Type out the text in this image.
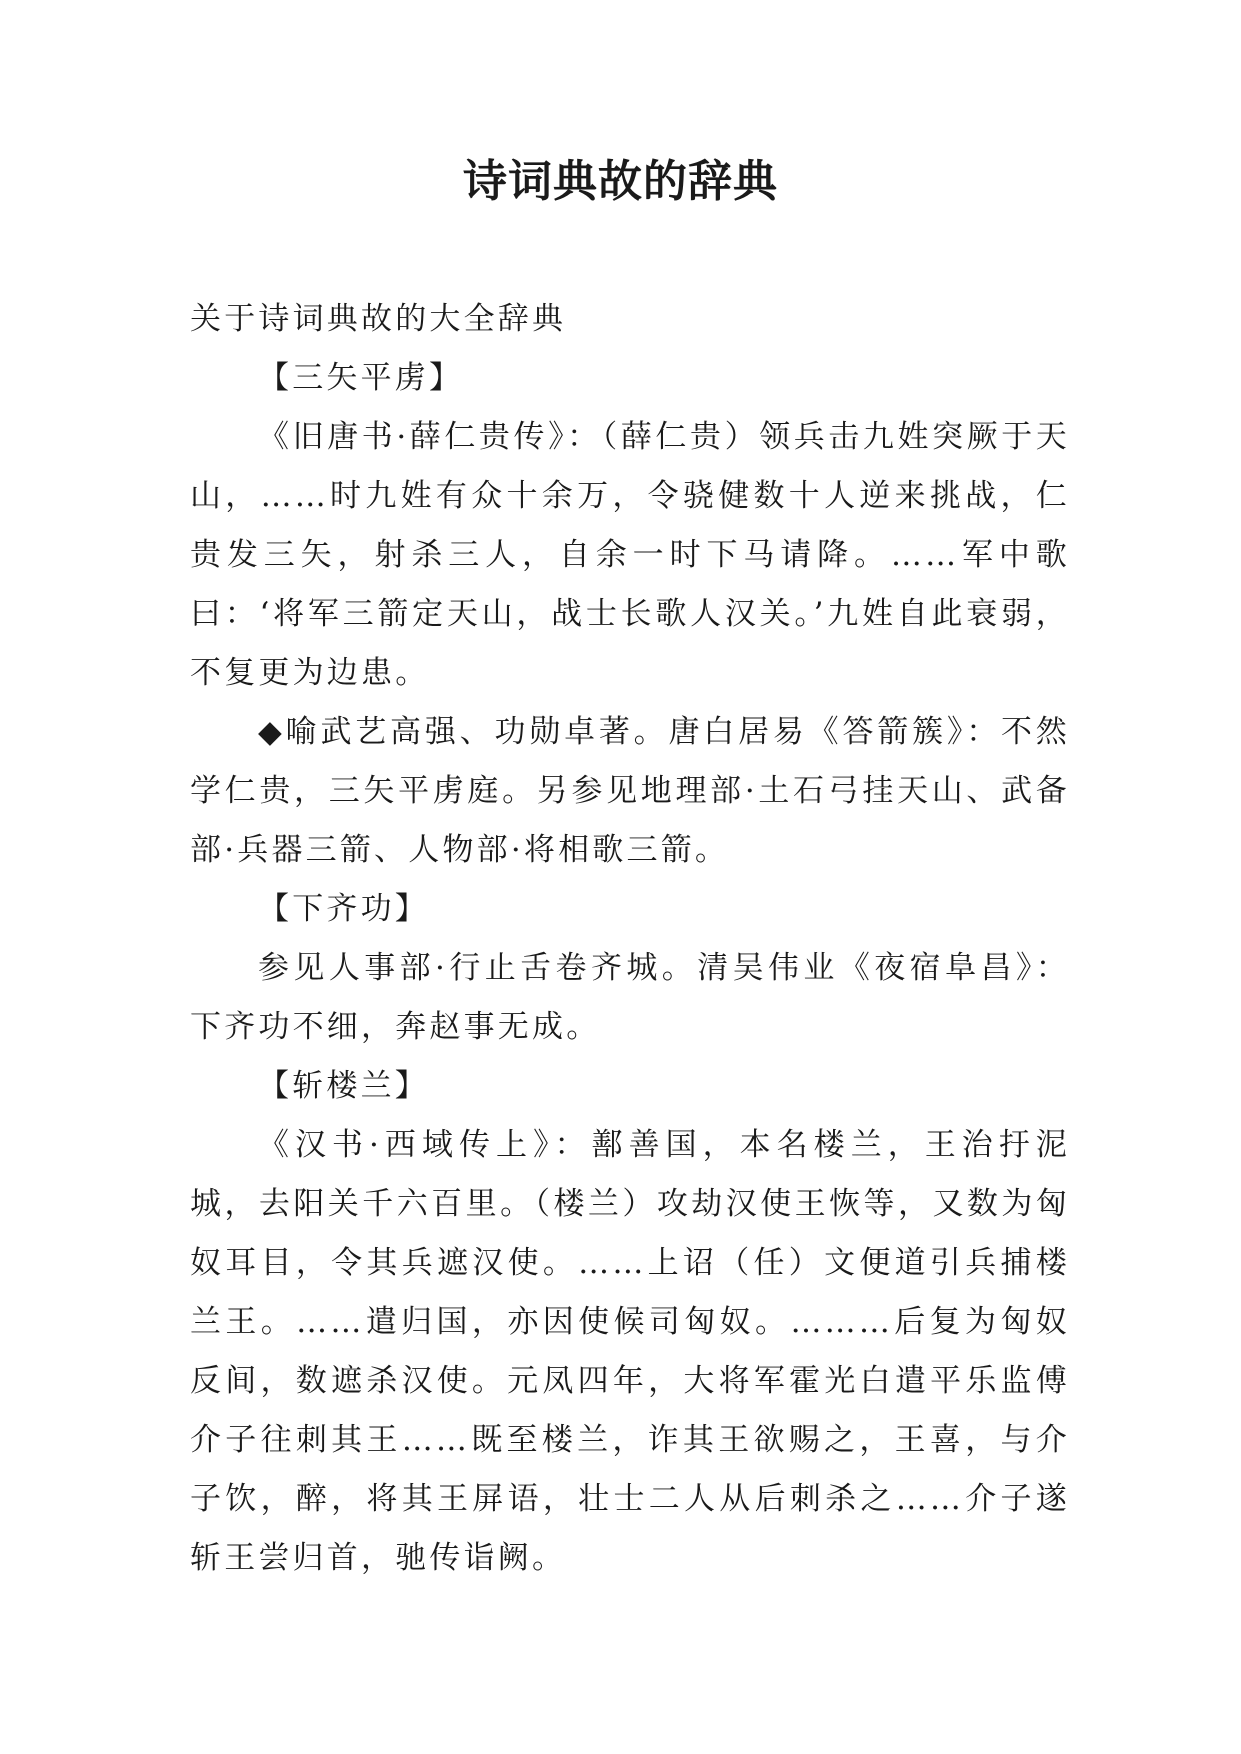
诗词典故的辞典

关于诗词典故的大全辞典

【三矢平虏】

《旧唐书·薛仁贵传》：（薛仁贵）领兵击九姓突厥于天山，……时九姓有众十余万，令骁健数十人逆来挑战，仁贵发三矢，射杀三人，自余一时下马请降。……军中歌曰：‘将军三箭定天山，战士长歌人汉关。’九姓自此衰弱，不复更为边患。

◆喻武艺高强、功勋卓著。唐白居易《答箭簇》：不然学仁贵，三矢平虏庭。另参见地理部·土石弓挂天山、武备部·兵器三箭、人物部·将相歌三箭。

【下齐功】

参见人事部·行止舌卷齐城。清吴伟业《夜宿阜昌》：下齐功不细，奔赵事无成。

【斩楼兰】

《汉书·西域传上》：鄯善国，本名楼兰，王治扜泥城，去阳关千六百里。（楼兰）攻劫汉使王恢等，又数为匈奴耳目，令其兵遮汉使。……上诏（任）文便道引兵捕楼兰王。……遣归国，亦因使候司匈奴。………后复为匈奴反间，数遮杀汉使。元凤四年，大将军霍光白遣平乐监傅介子往刺其王……既至楼兰，诈其王欲赐之，王喜，与介子饮，醉，将其王屏语，壮士二人从后刺杀之……介子遂斩王尝归首，驰传诣阙。
